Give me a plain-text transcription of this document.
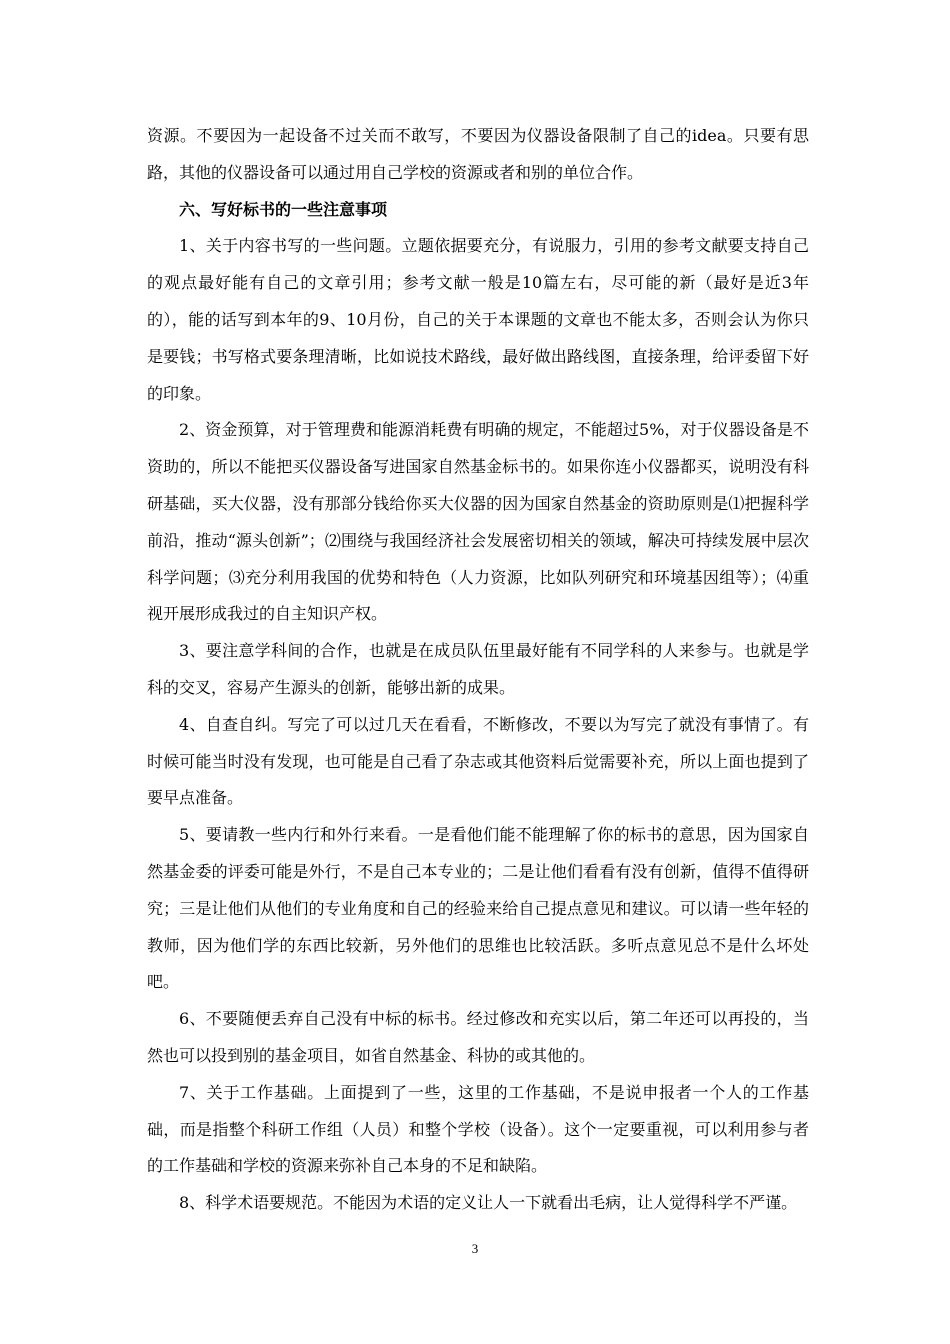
资源。不要因为一起设备不过关而不敢写，不要因为仪器设备限制了自己的idea。只要有思路，其他的仪器设备可以通过用自己学校的资源或者和别的单位合作。

六、写好标书的一些注意事项

1、关于内容书写的一些问题。立题依据要充分，有说服力，引用的参考文献要支持自己的观点最好能有自己的文章引用；参考文献一般是10篇左右，尽可能的新（最好是近3年的），能的话写到本年的9、10月份，自己的关于本课题的文章也不能太多，否则会认为你只是要钱；书写格式要条理清晰，比如说技术路线，最好做出路线图，直接条理，给评委留下好的印象。

2、资金预算，对于管理费和能源消耗费有明确的规定，不能超过5%，对于仪器设备是不资助的，所以不能把买仪器设备写进国家自然基金标书的。如果你连小仪器都买，说明没有科研基础，买大仪器，没有那部分钱给你买大仪器的因为国家自然基金的资助原则是⑴把握科学前沿，推动“源头创新”；⑵围绕与我国经济社会发展密切相关的领域，解决可持续发展中层次科学问题；⑶充分利用我国的优势和特色（人力资源，比如队列研究和环境基因组等）；⑷重视开展形成我过的自主知识产权。

3、要注意学科间的合作，也就是在成员队伍里最好能有不同学科的人来参与。也就是学科的交叉，容易产生源头的创新，能够出新的成果。

4、自查自纠。写完了可以过几天在看看，不断修改，不要以为写完了就没有事情了。有时候可能当时没有发现，也可能是自己看了杂志或其他资料后觉需要补充，所以上面也提到了要早点准备。

5、要请教一些内行和外行来看。一是看他们能不能理解了你的标书的意思，因为国家自然基金委的评委可能是外行，不是自己本专业的；二是让他们看看有没有创新，值得不值得研究；三是让他们从他们的专业角度和自己的经验来给自己提点意见和建议。可以请一些年轻的教师，因为他们学的东西比较新，另外他们的思维也比较活跃。多听点意见总不是什么坏处吧。

6、不要随便丢弃自己没有中标的标书。经过修改和充实以后，第二年还可以再投的，当然也可以投到别的基金项目，如省自然基金、科协的或其他的。

7、关于工作基础。上面提到了一些，这里的工作基础，不是说申报者一个人的工作基础，而是指整个科研工作组（人员）和整个学校（设备）。这个一定要重视，可以利用参与者的工作基础和学校的资源来弥补自己本身的不足和缺陷。

8、科学术语要规范。不能因为术语的定义让人一下就看出毛病，让人觉得科学不严谨。

3
